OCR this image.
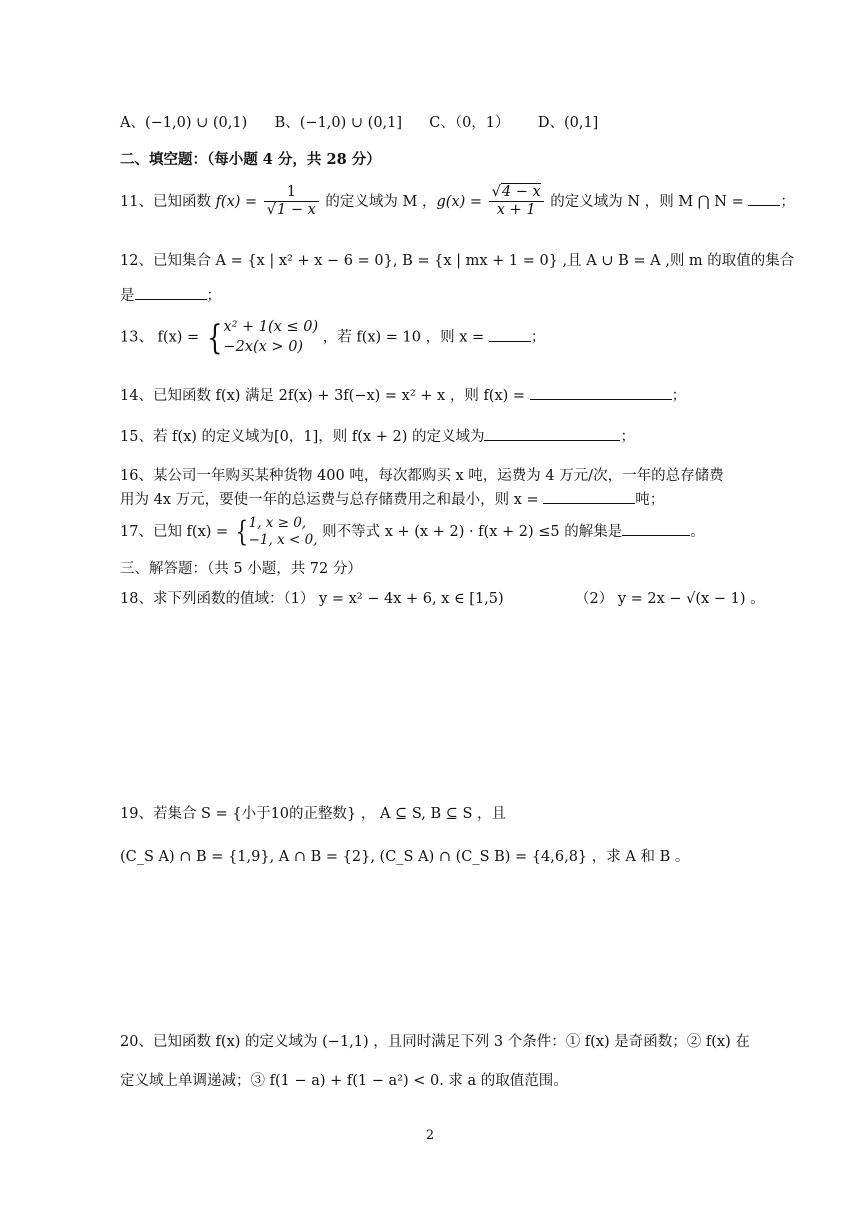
A、(−1,0) ∪ (0,1) B、(−1,0) ∪ (0,1] C、（0，1） D、(0,1]
二、填空题：（每小题 4 分，共 28 分）
11、已知函数 $f(x) = \frac{1}{√1 - x}$ 的定义域为 M ，$g(x) = \frac{√4 - x}{x + 1}$ 的定义域为 N ，则 M ⋂ N = ；
12、已知集合 A = {x | x² + x − 6 = 0}, B = {x | mx + 1 = 0} ,且 A ∪ B = A ,则 m 的取值的集合
是	；
13、 f(x) = { x² + 1(x ≤ 0)
−2x(x > 0)
，若 f(x) = 10 ，则 x =	；
14、已知函数 f(x) 满足 2f(x) + 3f(−x) = x² + x ，则 f(x) =	；
15、若 f(x) 的定义域为[0，1]，则 f(x + 2) 的定义域为	；
16、某公司一年购买某种货物 400 吨，每次都购买 x 吨，运费为 4 万元/次，一年的总存储费
用为 4x 万元，要使一年的总运费与总存储费用之和最小，则 x =	吨；
17、已知 f(x) = { 1, x ≥ 0,
−1, x < 0, 则不等式 x + (x + 2) · f(x + 2) ≤5 的解集是	。
三、解答题：（共 5 小题，共 72 分）
18、求下列函数的值域：（1） y = x² − 4x + 6, x ∈ [1,5)	（2） y = 2x − √(x − 1) 。
19、若集合 S = {小于10的正整数} ， A ⊆ S, B ⊆ S ，且
(C_S A) ∩ B = {1,9}, A ∩ B = {2}, (C_S A) ∩ (C_S B) = {4,6,8} ，求 A 和 B 。
20、已知函数 f(x) 的定义域为 (−1,1) ，且同时满足下列 3 个条件：① f(x) 是奇函数；② f(x) 在
定义域上单调递减；③ f(1 − a) + f(1 − a²) < 0. 求 a 的取值范围。
2
